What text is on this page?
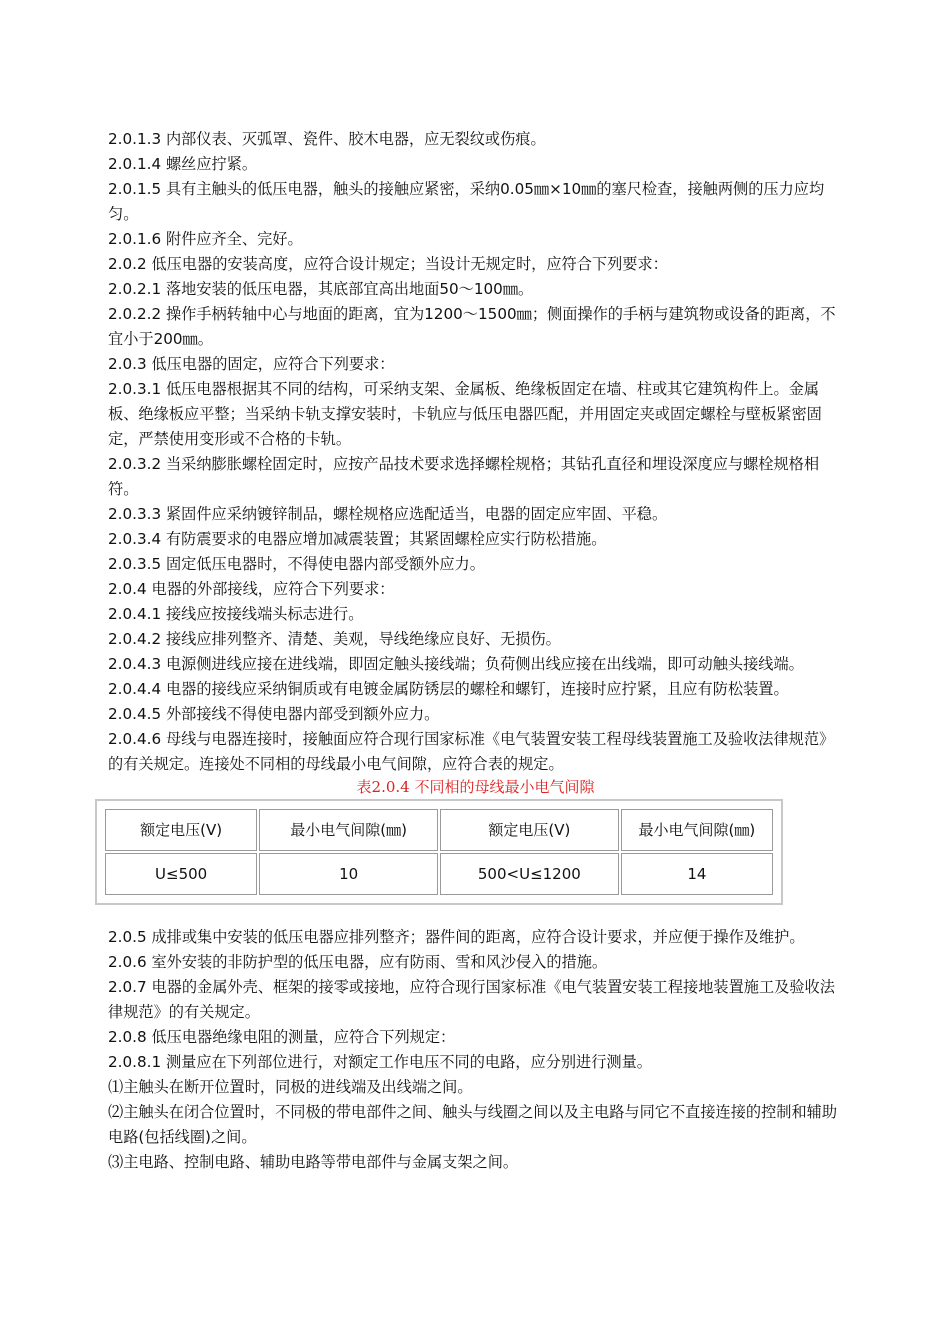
2.0.1.3 内部仪表、灭弧罩、瓷件、胶木电器，应无裂纹或伤痕。

2.0.1.4 螺丝应拧紧。

2.0.1.5 具有主触头的低压电器，触头的接触应紧密，采纳0.05㎜×10㎜的塞尺检查，接触两侧的压力应均匀。

2.0.1.6 附件应齐全、完好。

2.0.2 低压电器的安装高度，应符合设计规定；当设计无规定时，应符合下列要求：

2.0.2.1 落地安装的低压电器，其底部宜高出地面50～100㎜。

2.0.2.2 操作手柄转轴中心与地面的距离，宜为1200～1500㎜；侧面操作的手柄与建筑物或设备的距离，不宜小于200㎜。

2.0.3 低压电器的固定，应符合下列要求：

2.0.3.1 低压电器根据其不同的结构，可采纳支架、金属板、绝缘板固定在墙、柱或其它建筑构件上。金属板、绝缘板应平整；当采纳卡轨支撑安装时，卡轨应与低压电器匹配，并用固定夹或固定螺栓与壁板紧密固定，严禁使用变形或不合格的卡轨。

2.0.3.2 当采纳膨胀螺栓固定时，应按产品技术要求选择螺栓规格；其钻孔直径和埋设深度应与螺栓规格相符。

2.0.3.3 紧固件应采纳镀锌制品，螺栓规格应选配适当，电器的固定应牢固、平稳。

2.0.3.4 有防震要求的电器应增加减震装置；其紧固螺栓应实行防松措施。

2.0.3.5 固定低压电器时，不得使电器内部受额外应力。

2.0.4 电器的外部接线，应符合下列要求：

2.0.4.1 接线应按接线端头标志进行。

2.0.4.2 接线应排列整齐、清楚、美观，导线绝缘应良好、无损伤。

2.0.4.3 电源侧进线应接在进线端，即固定触头接线端；负荷侧出线应接在出线端，即可动触头接线端。

2.0.4.4 电器的接线应采纳铜质或有电镀金属防锈层的螺栓和螺钉，连接时应拧紧，且应有防松装置。

2.0.4.5 外部接线不得使电器内部受到额外应力。

2.0.4.6 母线与电器连接时，接触面应符合现行国家标准《电气装置安装工程母线装置施工及验收法律规范》的有关规定。连接处不同相的母线最小电气间隙，应符合表的规定。

表2.0.4 不同相的母线最小电气间隙

额定电压(V)	最小电气间隙(㎜)	额定电压(V)	最小电气间隙(㎜)
U≤500	10	500<U≤1200	14

2.0.5 成排或集中安装的低压电器应排列整齐；器件间的距离，应符合设计要求，并应便于操作及维护。

2.0.6 室外安装的非防护型的低压电器，应有防雨、雪和风沙侵入的措施。

2.0.7 电器的金属外壳、框架的接零或接地，应符合现行国家标准《电气装置安装工程接地装置施工及验收法律规范》的有关规定。

2.0.8 低压电器绝缘电阻的测量，应符合下列规定：

2.0.8.1 测量应在下列部位进行，对额定工作电压不同的电路，应分别进行测量。

⑴主触头在断开位置时，同极的进线端及出线端之间。

⑵主触头在闭合位置时，不同极的带电部件之间、触头与线圈之间以及主电路与同它不直接连接的控制和辅助电路(包括线圈)之间。

⑶主电路、控制电路、辅助电路等带电部件与金属支架之间。
